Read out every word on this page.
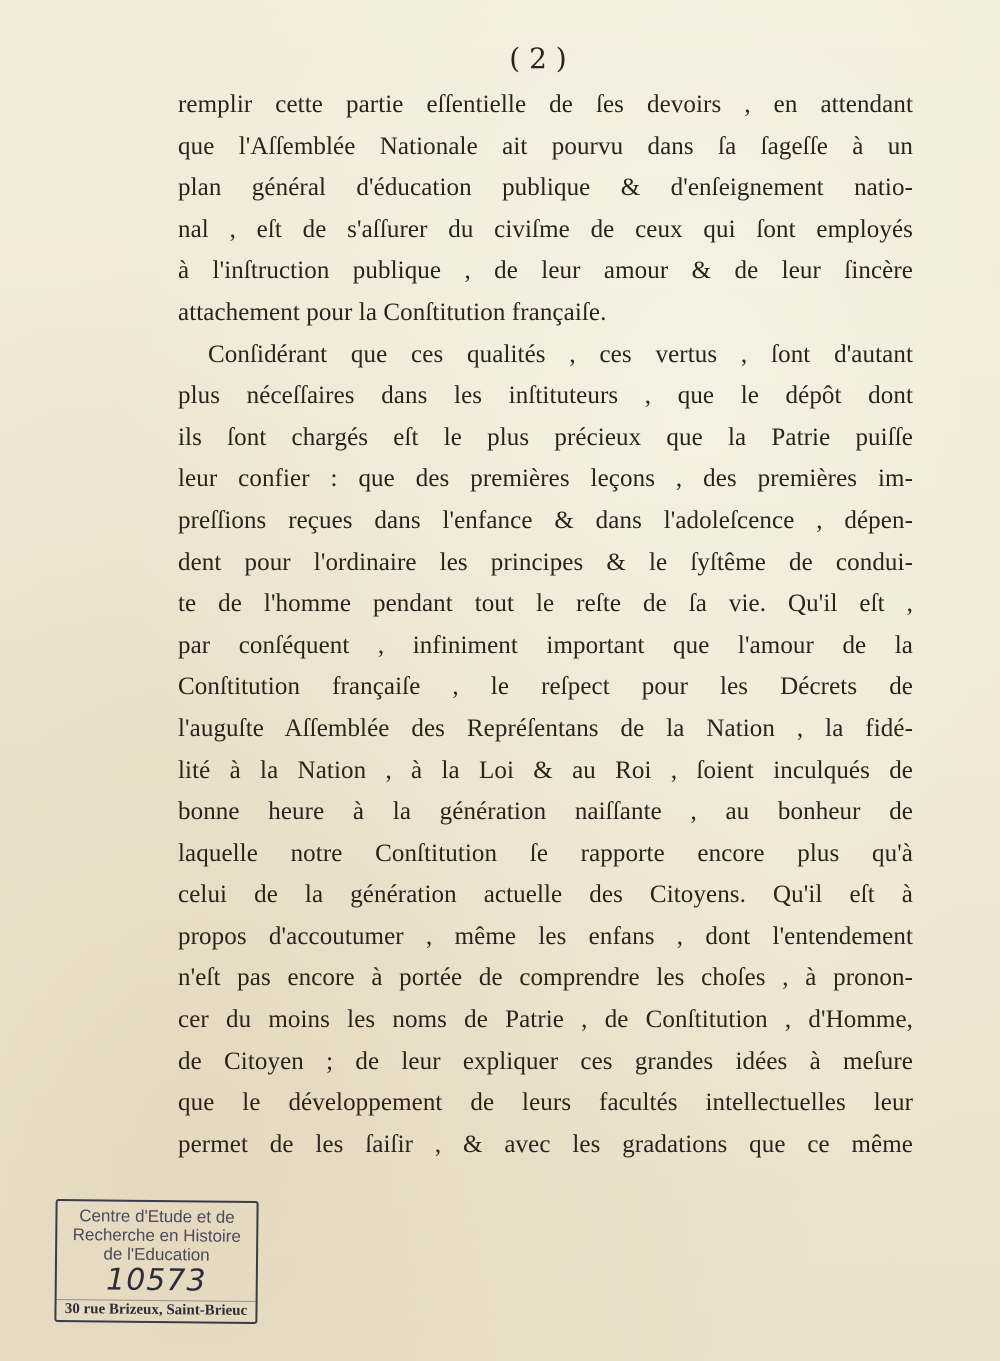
( 2 )
remplir cette partie eſſentielle de ſes devoirs , en attendant
que l'Aſſemblée Nationale ait pourvu dans ſa ſageſſe à un
plan général d'éducation publique & d'enſeignement natio-
nal , eſt de s'aſſurer du civiſme de ceux qui ſont employés
à l'inſtruction publique , de leur amour & de leur ſincère
attachement pour la Conſtitution françaiſe.
Conſidérant que ces qualités , ces vertus , ſont d'autant
plus néceſſaires dans les inſtituteurs , que le dépôt dont
ils ſont chargés eſt le plus précieux que la Patrie puiſſe
leur confier : que des premières leçons , des premières im-
preſſions reçues dans l'enfance & dans l'adoleſcence , dépen-
dent pour l'ordinaire les principes & le ſyſtême de condui-
te de l'homme pendant tout le reſte de ſa vie. Qu'il eſt ,
par conſéquent , infiniment important que l'amour de la
Conſtitution françaiſe , le reſpect pour les Décrets de
l'auguſte Aſſemblée des Repréſentans de la Nation , la fidé-
lité à la Nation , à la Loi & au Roi , ſoient inculqués de
bonne heure à la génération naiſſante , au bonheur de
laquelle notre Conſtitution ſe rapporte encore plus qu'à
celui de la génération actuelle des Citoyens. Qu'il eſt à
propos d'accoutumer , même les enfans , dont l'entendement
n'eſt pas encore à portée de comprendre les choſes , à pronon-
cer du moins les noms de Patrie , de Conſtitution , d'Homme,
de Citoyen ; de leur expliquer ces grandes idées à meſure
que le développement de leurs facultés intellectuelles leur
permet de les ſaiſir , & avec les gradations que ce même
Centre d'Etude et de
Recherche en Histoire
de l'Education
10573
30 rue Brizeux, Saint-Brieuc
